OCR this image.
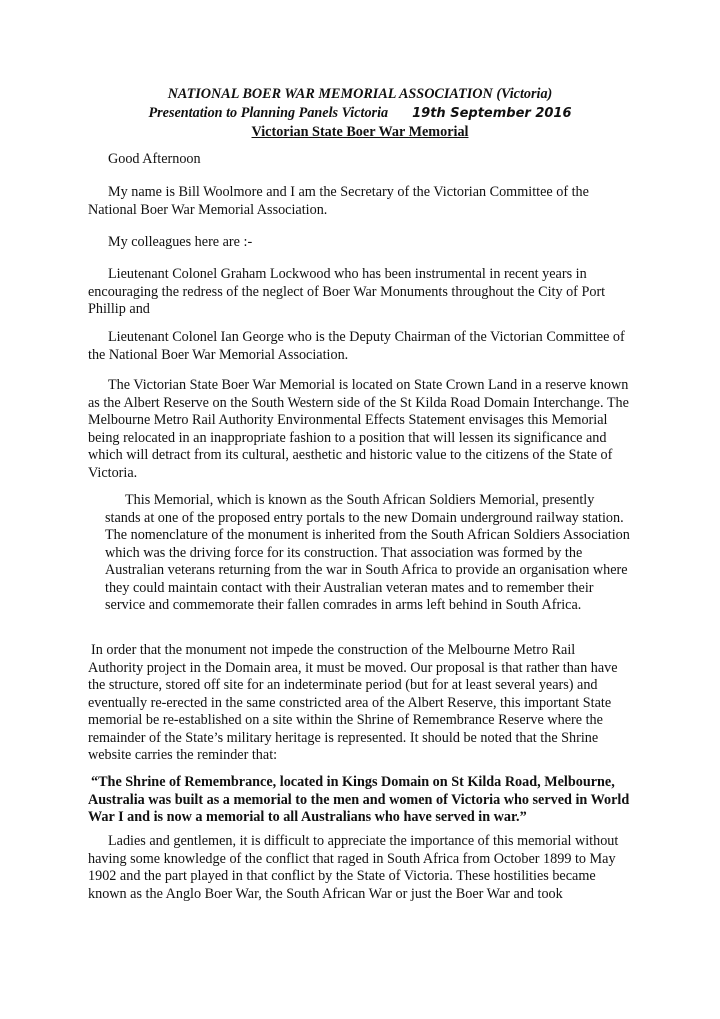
NATIONAL BOER WAR MEMORIAL ASSOCIATION (Victoria)
Presentation to Planning Panels Victoria 19th September 2016
Victorian State Boer War Memorial
Good Afternoon
My name is Bill Woolmore and I am the Secretary of the Victorian Committee of the National Boer War Memorial Association.
My colleagues here are :-
Lieutenant Colonel Graham Lockwood who has been instrumental in recent years in encouraging the redress of the neglect of Boer War Monuments throughout the City of Port Phillip and
Lieutenant Colonel Ian George who is the Deputy Chairman of the Victorian Committee of the National Boer War Memorial Association.
The Victorian State Boer War Memorial is located on State Crown Land in a reserve known as the Albert Reserve on the South Western side of the St Kilda Road Domain Interchange. The Melbourne Metro Rail Authority Environmental Effects Statement envisages this Memorial being relocated in an inappropriate fashion to a position that will lessen its significance and which will detract from its cultural, aesthetic and historic value to the citizens of the State of Victoria.
This Memorial, which is known as the South African Soldiers Memorial, presently stands at one of the proposed entry portals to the new Domain underground railway station. The nomenclature of the monument is inherited from the South African Soldiers Association which was the driving force for its construction. That association was formed by the Australian veterans returning from the war in South Africa to provide an organisation where they could maintain contact with their Australian veteran mates and to remember their service and commemorate their fallen comrades in arms left behind in South Africa.
In order that the monument not impede the construction of the Melbourne Metro Rail Authority project in the Domain area, it must be moved. Our proposal is that rather than have the structure, stored off site for an indeterminate period (but for at least several years) and eventually re-erected in the same constricted area of the Albert Reserve, this important State memorial be re-established on a site within the Shrine of Remembrance Reserve where the remainder of the State’s military heritage is represented. It should be noted that the Shrine website carries the reminder that:
“The Shrine of Remembrance, located in Kings Domain on St Kilda Road, Melbourne, Australia was built as a memorial to the men and women of Victoria who served in World War I and is now a memorial to all Australians who have served in war.”
Ladies and gentlemen, it is difficult to appreciate the importance of this memorial without having some knowledge of the conflict that raged in South Africa from October 1899 to May 1902 and the part played in that conflict by the State of Victoria. These hostilities became known as the Anglo Boer War, the South African War or just the Boer War and took
